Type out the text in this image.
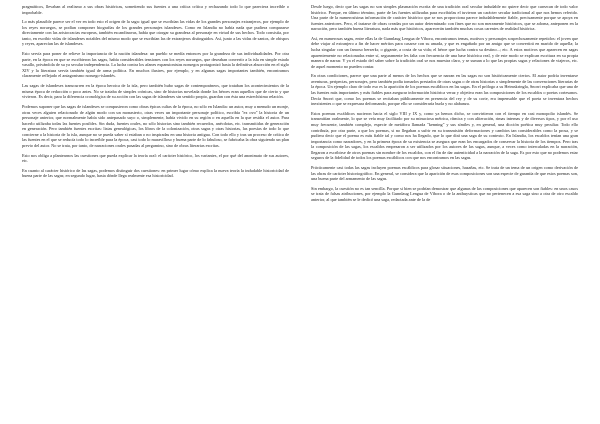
pragmáticos, llevaban al realismo a sus obras históricas, sometiendo sus fuentes a una crítica crítica y rechazando todo lo que pareciera increíble o improbable.

Lo más plausible parece ser el ver en todo esto el origen de la saga: igual que se escribían las vidas de los grandes personajes extranjeros, por ejemplo de los reyes noruegos, se podían componer biografías de los grandes personajes islandeses. Como en Islandia no había nada que pudiera compararse directamente con las aristocracias europeas, también escandinavas, había que otorgar su grandeza al personaje en virtud de sus hechos. Todo consistía, por tanto, en escribir vidas de islandeses notables del mismo modo que se escribían las de extranjeros distinguidos. Así, junto a las vidas de santos, de obispos y reyes, aparecían las de islandeses.

Esto servía para poner de relieve la importancia de la nación islandesa: un pueblo se medía entonces por la grandeza de sus individualidades. Por otra parte, en la época en que se escribieron las sagas, había considerables tensiones con los reyes noruegos, que deseaban convertir a la isla en simple estado vasallo, privándola de su ya secular independencia. La lucha contra los afanes expansionistas noruegos protagonizó hasta la definitiva absorción en el siglo XIV y la literatura servía también igual de arma política. En muchos ilustres, por ejemplo, y en algunas sagas importantes también, encontramos claramente reflejado el antagonismo noruego-islandés.

Las sagas de islandeses transcurren en la época heroica de la isla, pero también hubo sagas de contemporáneos, que trataban los acontecimientos de la misma época de redacción o poco antes. No se trataba de simples crónicas, sino de historias novelada donde los héroes eran aquellos que de cierto y que vivieron. Es decir, para la diferencia cronológica de su acción con las sagas de islandeses sin sentido propio, guardan con ésta una estrechísima relación.

Podemos suponer que las sagas de islandeses se compusieron como obras épicas cultas de la época, no sólo en Islandia: un autor, muy a menudo un monje, otras veces alguien relacionado de algún modo con un monasterio, otras veces un importante personaje político, escribía "ex ovo" la historia de un personaje anterior, que normalmente había sido antepasado suyo o, simplemente, había vivido en su región o en aquella en la que residía el autor. Para hacerlo utilizaba todas las fuentes posibles. Sin duda, fuentes orales, no sólo historias sino también recuerdos, anécdotas, etc. transmitidas de generación en generación. Pero también fuentes escritas: listas genealógicas, los libros de la colonización, otras sagas y otras historias, las poesías de todo lo que concierne a la historia de la isla, aunque no se pueda saber si estaban o no inspiradas en una historia antigua. Con todo ello y tras un proceso de crítica de las fuentes en el que se reducía todo lo increíble para la época, casi todo lo maravilloso y buena parte de lo fabuloso, se fabricaba la obra siguiendo un plan previo del autor. No se trata, por tanto, de narraciones orales pasadas al pergamino, sino de obras literarias escritas.

Esto nos obliga a plantearnos las cuestiones que pueda explicar la teoría oral: el carácter histórico, los variantes, el por qué del anonimato de sus autores, etc.

En cuanto al carácter histórico de las sagas, podemos distinguir dos cuestiones: en primer lugar cómo explica la nueva teoría la indudable historicidad de buena parte de las sagas; en segundo lugar, hasta dónde llega realmente esa historicidad.

Desde luego, decir que las sagas no son simples plasmación escrita de una tradición oral secular indudable no quiere decir que carezcan de todo valor histórico. Porque, en último término, parte de las fuentes utilizadas para escribirlas el tuvieron un carácter secular tradicional al que nos hemos referido. Una parte de la numerosísima información de carácter histórico que se nos proporciona parece indudablemente fiable, precisamente porque se apoya en fuentes anteriores. Pero, el tratarse de obras creadas por un autor determinado con fines que no son meramente históricos, que se adorna, anteponen en la narración, pero también buena literatura, nada más que históricos, aparecerán también muchas cosas carentes de realidad histórica.

Así, en numerosas sagas, entre ellas la de Gunnlaug Lengua de Víbora, encontramos temas, motivos y personajes sospechosamente repetidos: el joven que debe viajar al extranjero a fin de hacer méritos para casarse con su amada, y que es engañado por un amigo que se convertirá en marido de aquella; la lucha singular con un famoso berserkr, o gigante, a costa de su vida; el héroe que lucha contra su destino...; etc. A estos motivos que aparecen en sagas aparentemente no relacionadas entre sí, seguramente les falta con frecuencia de una base histórica real, y de este modo se explican escritura en su propia manera de narrar. Y ya el estado del saber sobre la tradición oral se nos muestra claro, y se suman a lo que las propias sagas y relaciones de viajeros, etc. de aquel momento no pueden contar.

En otras condiciones, parece que una parte al menos de los hechos que se narran en las sagas no son históricamente ciertos. El autor podría inventarse aventuras, peripecias, personajes, pero también podía tomarlos prestados de otras sagas o de otras historias o simplemente de las convenciones literarias de la época. Un ejemplo claro de todo eso es la aparición de los poemas escáldicos en las sagas. En el prólogo a su Heimskringla, Snorri explicaba que una de las fuentes más importantes y más fiables para asegurar información histórica veraz y objetiva eran las composiciones de los escaldos o poetas cortesanos. Decía Snorri que, como los poemas se recitaban públicamente en presencia del rey y de su corte, era impensable que el poeta se inventara hechos inexistentes o que se expresara deformando, porque ello se consideraría burla y no alabanza.

Estos poemas escáldicos nacieron hacia el siglo VIII y IX y, como ya hemos dicho, se convirtieron con el tiempo en casi monopolio islandés. Se transmitían oralmente, lo que se veía muy facilitado por su minuciosa métrica, rítmica y con aliteración, rimas internas y de diversos tipos, y por el uso muy frecuente, también complejo, especie de metáfora llamada "kenning" y sus símiles y, en general, una dicción poética muy peculiar. Todo ello contribuía, por otra parte, a que los poemas, si no llegaban a sufrir en su transmisión deformaciones y cambios tan considerables como la prosa, y se pudiera decir que el poema es más fiable tal y como nos ha llegado, que lo que dirá una saga de su contexto. En Islandia, los escaldos tenían una gran importancia como narradores, y en la primera época de su existencia se asegura que eran los encargados de conservar la historia de los tiempos. Pero tras la composición de las sagas, los escaldos empezaron a ser utilizados por los autores de las sagas, aunque, a veces como intercaladas en la narración, llegaron a escribirse de otros poemas sin nombre de los escaldos, con el fin de dar autenticidad a la narración de la saga. Es por esto que no podemos estar seguros de la fidelidad de todos los poemas escáldicos con que nos encontramos en las sagas.

Prácticamente casi todas las sagas incluyen poemas escáldicos para glosar situaciones, hazañas, etc. Se trata de un tema de un origen como derivación de las obras de carácter historiográfico. En general, se considera que la aparición de esas composiciones son una especie de garantía de que estos poemas son, una buena parte del armamento de las sagas.

Sin embargo, la cuestión no es tan sencilla. Porque si bien se podrían demostrar que algunas de las composiciones que aparecen son fiables: en unos casos se trata de falsas atribuciones, por ejemplo la Gunnlaug Lengua de Víbora o de la anthuysticas que no pertenecen a esa saga sino a otra de otro escaldo anterior, al que también se le dedicó una saga, redactada ante de la de
